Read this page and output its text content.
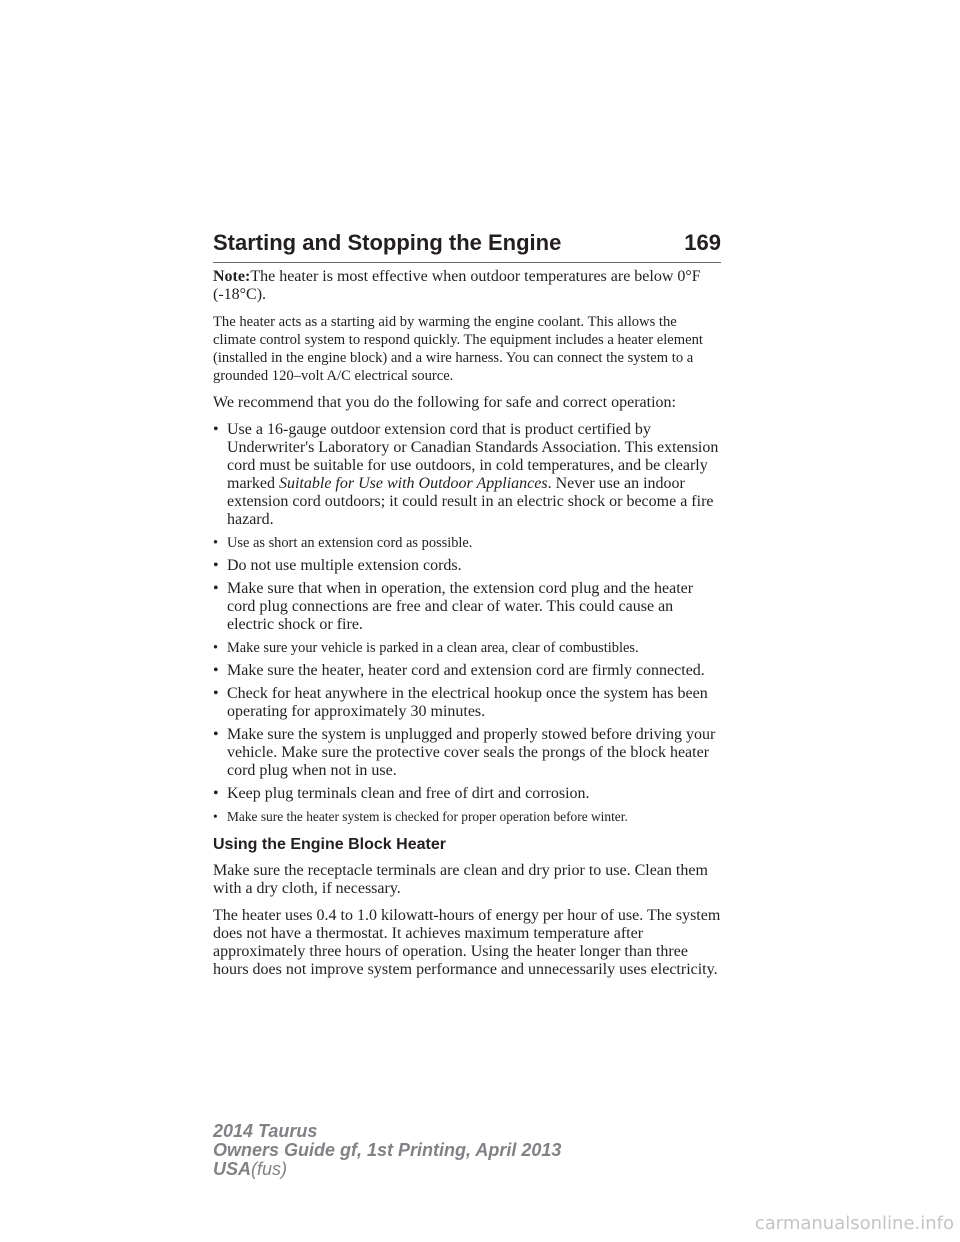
Starting and Stopping the Engine	169

Note:The heater is most effective when outdoor temperatures are below 0°F (-18°C).

The heater acts as a starting aid by warming the engine coolant. This allows the climate control system to respond quickly. The equipment includes a heater element (installed in the engine block) and a wire harness. You can connect the system to a grounded 120–volt A/C electrical source.

We recommend that you do the following for safe and correct operation:

• Use a 16-gauge outdoor extension cord that is product certified by Underwriter's Laboratory or Canadian Standards Association. This extension cord must be suitable for use outdoors, in cold temperatures, and be clearly marked Suitable for Use with Outdoor Appliances. Never use an indoor extension cord outdoors; it could result in an electric shock or become a fire hazard.
• Use as short an extension cord as possible.
• Do not use multiple extension cords.
• Make sure that when in operation, the extension cord plug and the heater cord plug connections are free and clear of water. This could cause an electric shock or fire.
• Make sure your vehicle is parked in a clean area, clear of combustibles.
• Make sure the heater, heater cord and extension cord are firmly connected.
• Check for heat anywhere in the electrical hookup once the system has been operating for approximately 30 minutes.
• Make sure the system is unplugged and properly stowed before driving your vehicle. Make sure the protective cover seals the prongs of the block heater cord plug when not in use.
• Keep plug terminals clean and free of dirt and corrosion.
• Make sure the heater system is checked for proper operation before winter.
Using the Engine Block Heater

Make sure the receptacle terminals are clean and dry prior to use. Clean them with a dry cloth, if necessary.

The heater uses 0.4 to 1.0 kilowatt-hours of energy per hour of use. The system does not have a thermostat. It achieves maximum temperature after approximately three hours of operation. Using the heater longer than three hours does not improve system performance and unnecessarily uses electricity.

2014 Taurus
Owners Guide gf, 1st Printing, April 2013
USA(fus)
carmanualsonline.info
